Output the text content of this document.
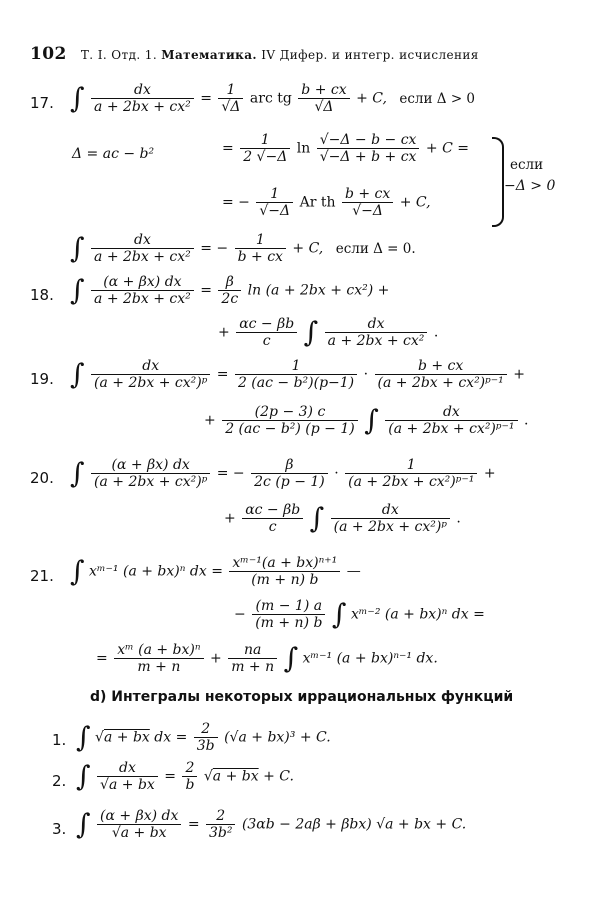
102 Т. I. Отд. 1. Математика. IV Дифер. и интегр. исчисления
17. ∫ $\frac{dx}{\text{a + 2bx + cx²}} = \frac{1}{√\Delta}$ arc tg $\frac{b + cx}{√\Delta} + C$, если Δ > 0
Δ = ac − b²	= $\frac{1}{2 √-\Delta}$ $\ln \frac{√-\Delta - b - cx}{√-\Delta + b + cx} + C$ =
= − $\frac{1}{√-\Delta}$ Ar th $\frac{b + cx}{√-\Delta} + C$,
если
−Δ > 0
∫ $\frac{dx}{\text{a + 2bx + cx²}}$ = − $\frac{1}{b + cx} + C$, если Δ = 0.
18. ∫ $\frac{(\alpha + \beta x) dx}{\text{a + 2bx + cx²}} = \frac{\beta}{2c}$ ln (a + 2bx + cx²) +
+ $\frac{\alpha c - \beta b}{c}$ ∫ $\frac{dx}{\text{a + 2bx + cx²}}$ .
19. ∫ $\frac{dx}{\text{(a + 2bx + cx²)ᵖ}} = \frac{1}{\text{2 (ac − b²)(p−1)}} \cdot \frac{b + cx}{\text{(a + 2bx + cx²)ᵖ⁻¹}}$ +
+ $\frac{(2p - 3) c}{\text{2 (ac − b²) (p − 1)}}$ ∫ $\frac{dx}{\text{(a + 2bx + cx²)ᵖ⁻¹}}$ .
20. ∫ $\frac{(\alpha + \beta x) dx}{\text{(a + 2bx + cx²)ᵖ}}$ = − $\frac{\beta}{2c (p - 1)} \cdot \frac{1}{\text{(a + 2bx + cx²)ᵖ⁻¹}}$ +
+ $\frac{\alpha c - \beta b}{c}$ ∫ $\frac{dx}{\text{(a + 2bx + cx²)ᵖ}}$ .
21. ∫ xᵐ⁻¹ (a + bx)ⁿ dx = $\frac{\text{xᵐ⁻¹(a + bx)ⁿ⁺¹}}{(m + n) b}$ —
− $\frac{(m - 1) a}{(m + n) b}$ ∫ xᵐ⁻² (a + bx)ⁿ dx =
= $\frac{\text{xᵐ (a + bx)ⁿ}}{m + n} + \frac{na}{m + n}$ ∫ xᵐ⁻¹ (a + bx)ⁿ⁻¹ dx.
d) Интегралы некоторых иррациональных функций
1. ∫ √a + bx dx = $\frac{2}{3b} (√a + bx)^3 + C$.
2. ∫ $\frac{dx}{√a + bx} = \frac{2}{b} √a$ + bx + C.
3. ∫ $\frac{(\alpha + \beta x) dx}{√a + bx} = \frac{2}{\text{3b²}} (3\alpha b - 2a\beta + \beta bx) √a$ + bx + C.
